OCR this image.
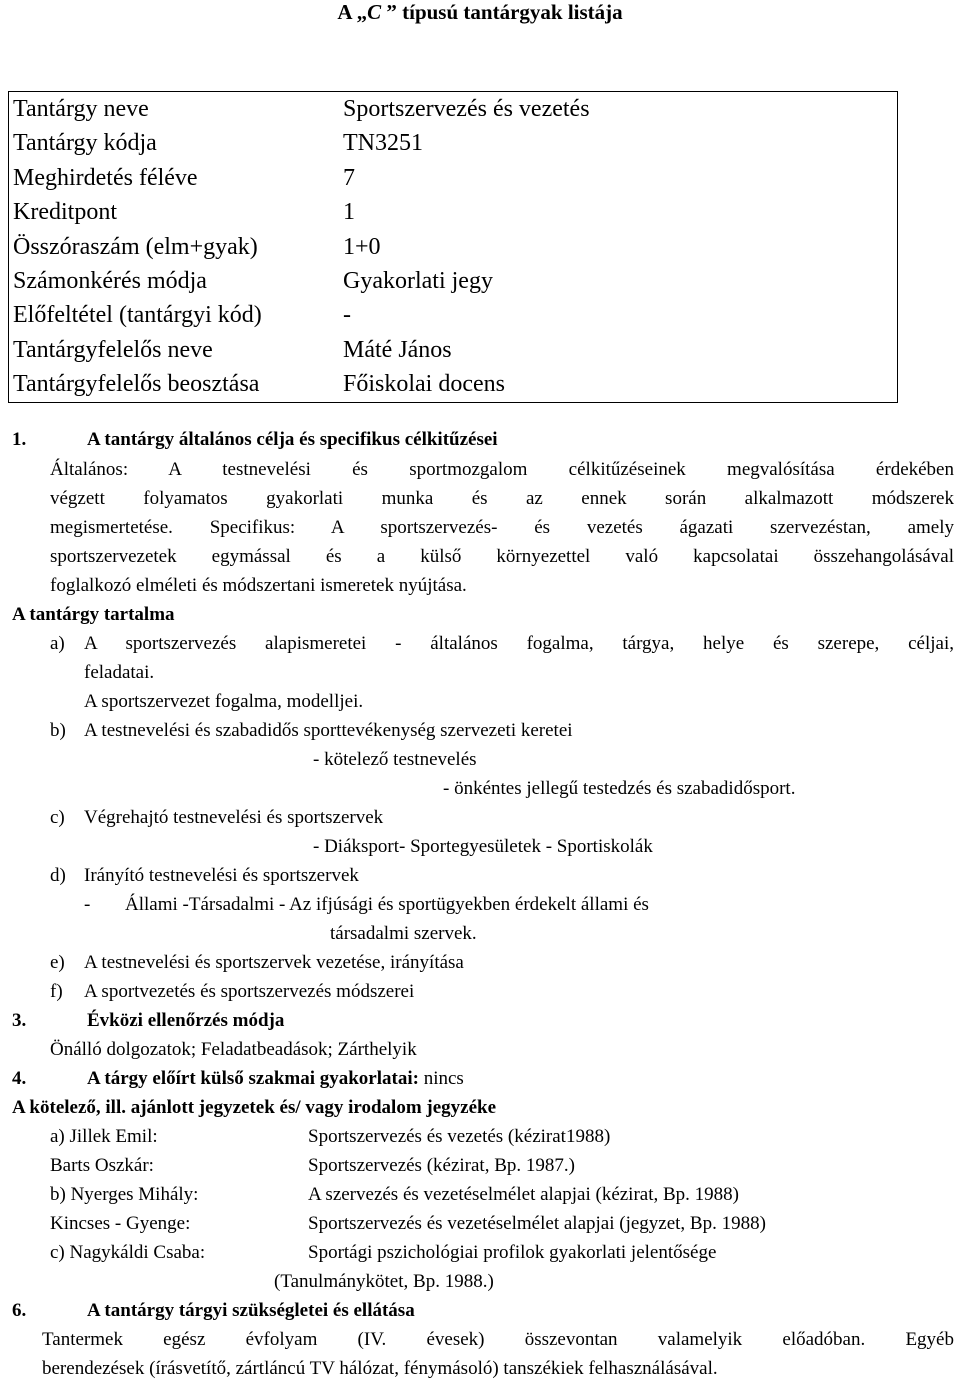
A „C ” típusú tantárgyak listája
Tantárgy neve	Sportszervezés és vezetés
Tantárgy kódja	TN3251
Meghirdetés féléve	7
Kreditpont	1
Összóraszám (elm+gyak)	1+0
Számonkérés módja	Gyakorlati jegy
Előfeltétel (tantárgyi kód)	-
Tantárgyfelelős neve	Máté János
Tantárgyfelelős beosztása	Főiskolai docens
1.	A tantárgy általános célja és specifikus célkitűzései
Általános: A testnevelési és sportmozgalom célkitűzéseinek megvalósítása érdekében
végzett folyamatos gyakorlati munka és az ennek során alkalmazott módszerek
megismertetése. Specifikus: A sportszervezés- és vezetés ágazati szervezéstan, amely
sportszervezetek egymással és a külső környezettel való kapcsolatai összehangolásával
foglalkozó elméleti és módszertani ismeretek nyújtása.
A tantárgy tartalma
a) A sportszervezés alapismeretei - általános fogalma, tárgya, helye és szerepe, céljai,
feladatai.
A sportszervezet fogalma, modelljei.
b) A testnevelési és szabadidős sporttevékenység szervezeti keretei
- kötelező testnevelés
- önkéntes jellegű testedzés és szabadidősport.
c) Végrehajtó testnevelési és sportszervek
- Diáksport- Sportegyesületek - Sportiskolák
d) Irányító testnevelési és sportszervek
- Állami -Társadalmi - Az ifjúsági és sportügyekben érdekelt állami és
társadalmi szervek.
e) A testnevelési és sportszervek vezetése, irányítása
f) A sportvezetés és sportszervezés módszerei
3.	Évközi ellenőrzés módja
Önálló dolgozatok; Feladatbeadások; Zárthelyik
4.	A tárgy előírt külső szakmai gyakorlatai: nincs
A kötelező, ill. ajánlott jegyzetek és/ vagy irodalom jegyzéke
a) Jillek Emil:	Sportszervezés és vezetés (kézirat1988)
Barts Oszkár:	Sportszervezés (kézirat, Bp. 1987.)
b) Nyerges Mihály:	A szervezés és vezetéselmélet alapjai (kézirat, Bp. 1988)
Kincses - Gyenge:	Sportszervezés és vezetéselmélet alapjai (jegyzet, Bp. 1988)
c) Nagykáldi Csaba:	Sportági pszichológiai profilok gyakorlati jelentősége
(Tanulmánykötet, Bp. 1988.)
6.	A tantárgy tárgyi szükségletei és ellátása
Tantermek egész évfolyam (IV. évesek) összevontan valamelyik előadóban. Egyéb
berendezések (írásvetítő, zártláncú TV hálózat, fénymásoló) tanszékiek felhasználásával.
